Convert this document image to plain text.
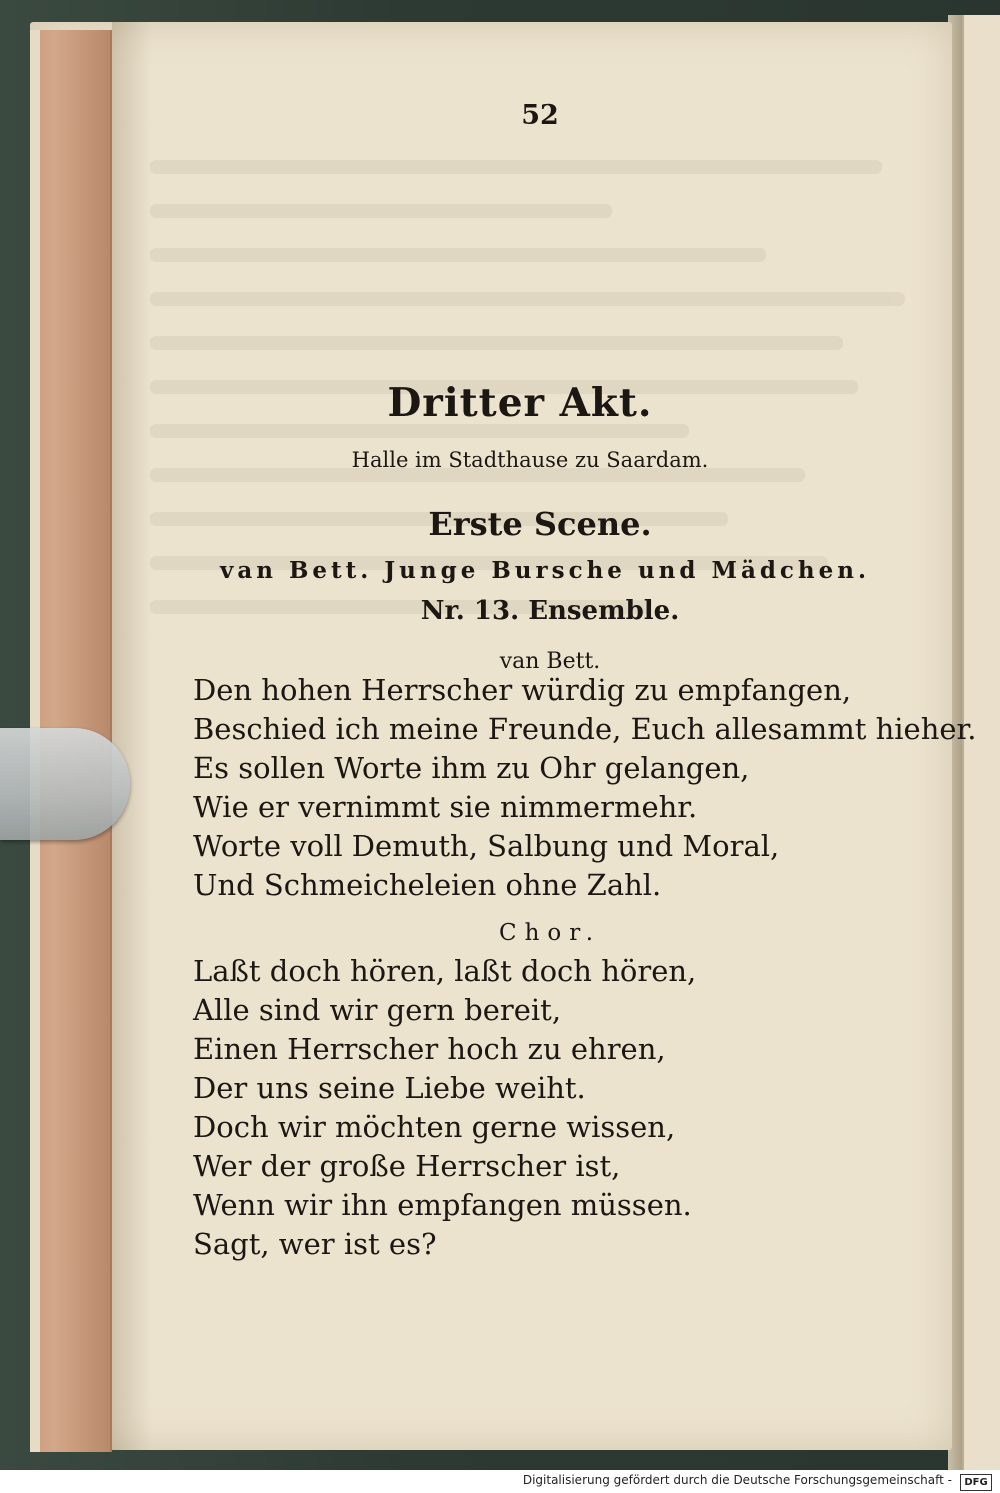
52
Dritter Akt.
Halle im Stadthause zu Saardam.
Erste Scene.
van Bett. Junge Bursche und Mädchen.
Nr. 13. Ensemble.
van Bett.
Den hohen Herrscher würdig zu empfangen,
Beschied ich meine Freunde, Euch allesammt hieher.
Es sollen Worte ihm zu Ohr gelangen,
Wie er vernimmt sie nimmermehr.
Worte voll Demuth, Salbung und Moral,
Und Schmeicheleien ohne Zahl.
Chor.
Laßt doch hören, laßt doch hören,
Alle sind wir gern bereit,
Einen Herrscher hoch zu ehren,
Der uns seine Liebe weiht.
Doch wir möchten gerne wissen,
Wer der große Herrscher ist,
Wenn wir ihn empfangen müssen.
Sagt, wer ist es?
Digitalisierung gefördert durch die Deutsche Forschungsgemeinschaft -	DFG
